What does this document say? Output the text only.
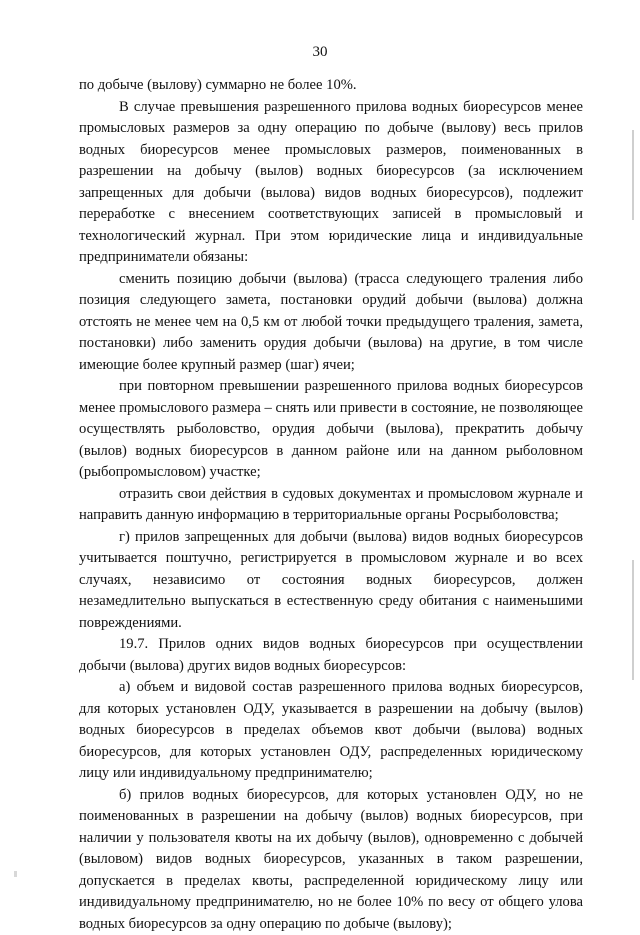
30

по добыче (вылову) суммарно не более 10%.

В случае превышения разрешенного прилова водных биоресурсов менее промысловых размеров за одну операцию по добыче (вылову) весь прилов водных биоресурсов менее промысловых размеров, поименованных в разрешении на добычу (вылов) водных биоресурсов (за исключением запрещенных для добычи (вылова) видов водных биоресурсов), подлежит переработке с внесением соответствующих записей в промысловый и технологический журнал. При этом юридические лица и индивидуальные предприниматели обязаны:

сменить позицию добычи (вылова) (трасса следующего траления либо позиция следующего замета, постановки орудий добычи (вылова) должна отстоять не менее чем на 0,5 км от любой точки предыдущего траления, замета, постановки) либо заменить орудия добычи (вылова) на другие, в том числе имеющие более крупный размер (шаг) ячеи;

при повторном превышении разрешенного прилова водных биоресурсов менее промыслового размера – снять или привести в состояние, не позволяющее осуществлять рыболовство, орудия добычи (вылова), прекратить добычу (вылов) водных биоресурсов в данном районе или на данном рыболовном (рыбопромысловом) участке;

отразить свои действия в судовых документах и промысловом журнале и направить данную информацию в территориальные органы Росрыболовства;

г) прилов запрещенных для добычи (вылова) видов водных биоресурсов учитывается поштучно, регистрируется в промысловом журнале и во всех случаях, независимо от состояния водных биоресурсов, должен незамедлительно выпускаться в естественную среду обитания с наименьшими повреждениями.

19.7. Прилов одних видов водных биоресурсов при осуществлении добычи (вылова) других видов водных биоресурсов:

а) объем и видовой состав разрешенного прилова водных биоресурсов, для которых установлен ОДУ, указывается в разрешении на добычу (вылов) водных биоресурсов в пределах объемов квот добычи (вылова) водных биоресурсов, для которых установлен ОДУ, распределенных юридическому лицу или индивидуальному предпринимателю;

б) прилов водных биоресурсов, для которых установлен ОДУ, но не поименованных в разрешении на добычу (вылов) водных биоресурсов, при наличии у пользователя квоты на их добычу (вылов), одновременно с добычей (выловом) видов водных биоресурсов, указанных в таком разрешении, допускается в пределах квоты, распределенной юридическому лицу или индивидуальному предпринимателю, но не более 10% по весу от общего улова водных биоресурсов за одну операцию по добыче (вылову);
